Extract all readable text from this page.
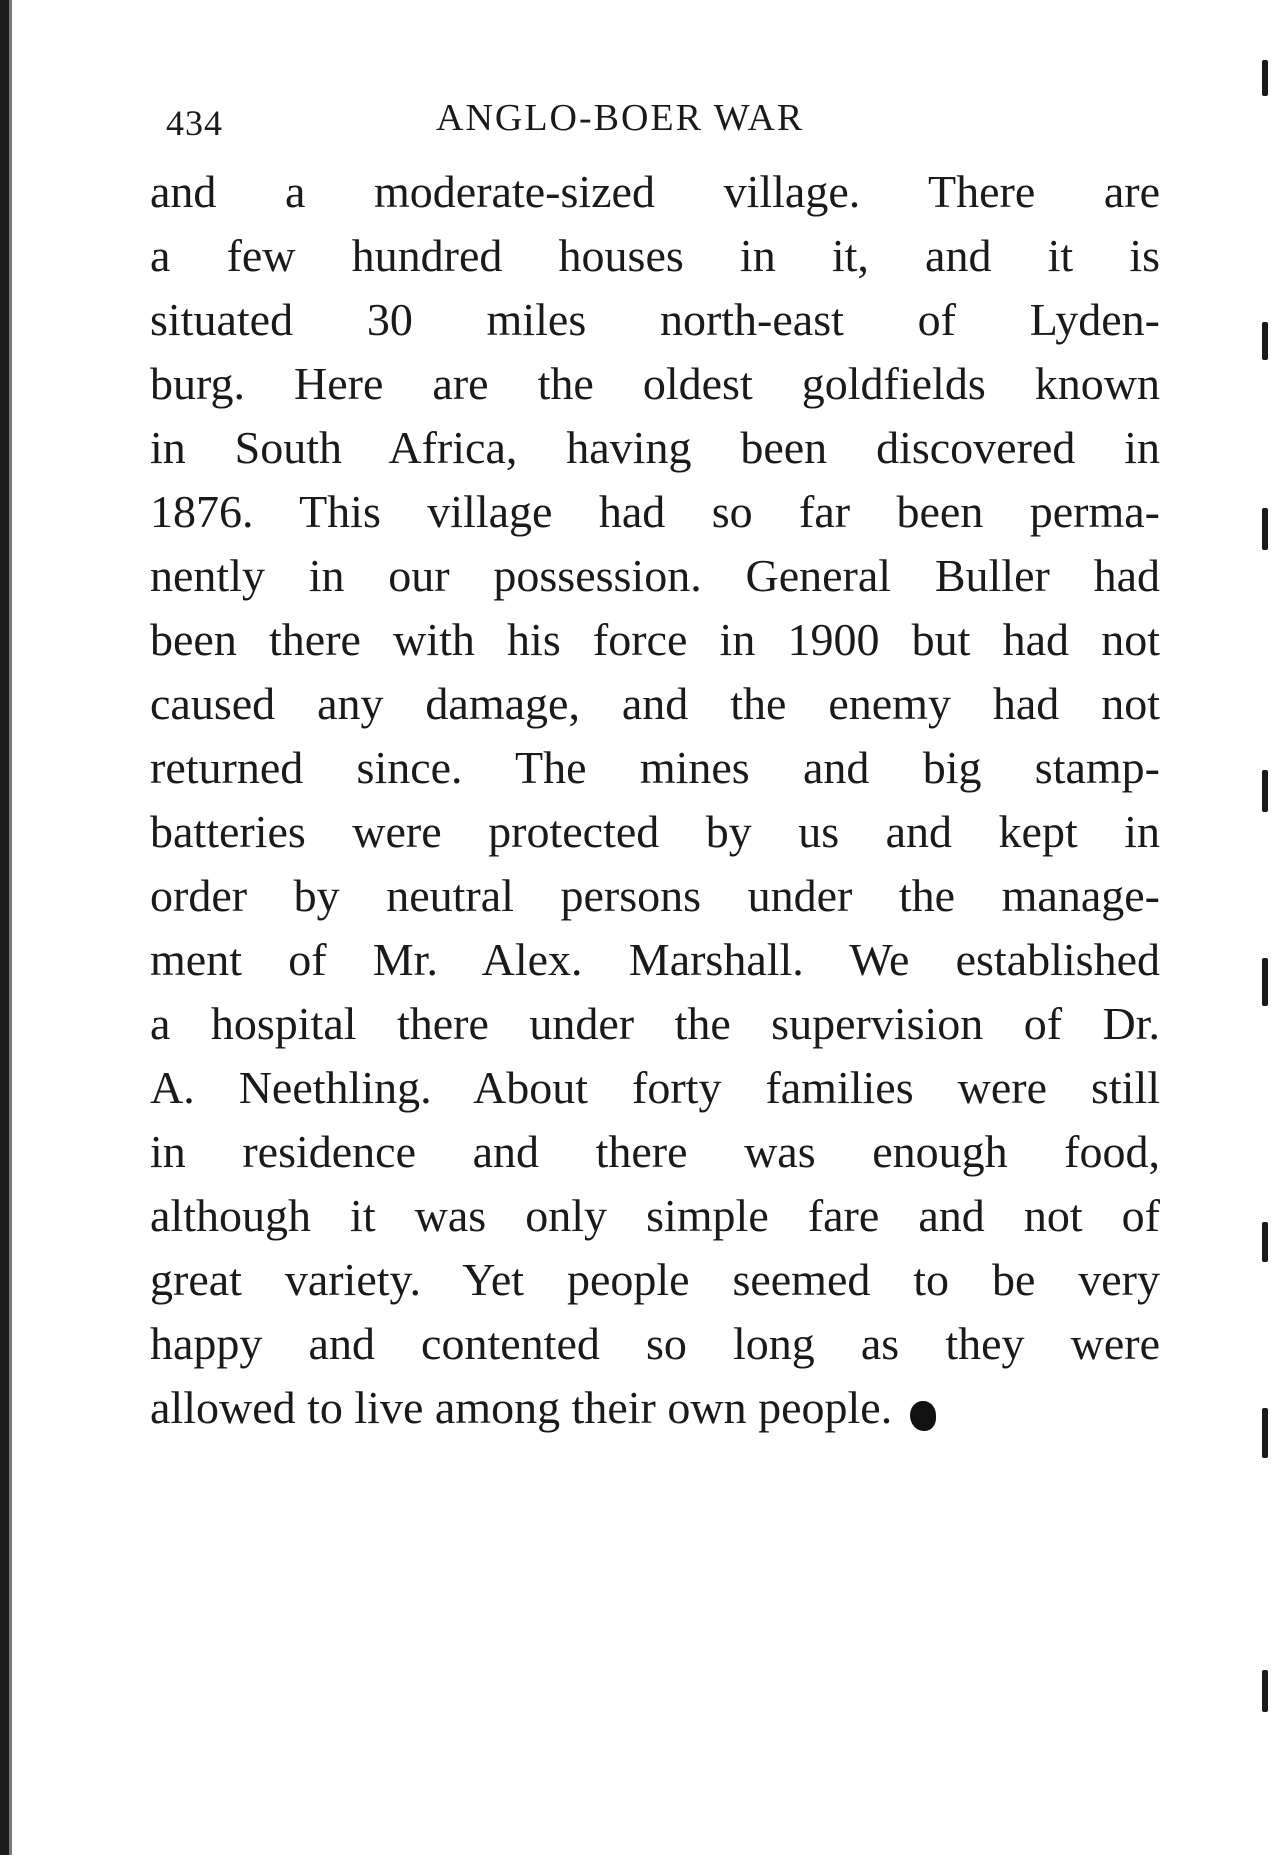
434	ANGLO-BOER WAR
and a moderate-sized village. There are
a few hundred houses in it, and it is
situated 30 miles north-east of Lyden-
burg. Here are the oldest goldfields known
in South Africa, having been discovered in
1876. This village had so far been perma-
nently in our possession. General Buller had
been there with his force in 1900 but had not
caused any damage, and the enemy had not
returned since. The mines and big stamp-
batteries were protected by us and kept in
order by neutral persons under the manage-
ment of Mr. Alex. Marshall. We established
a hospital there under the supervision of Dr.
A. Neethling. About forty families were still
in residence and there was enough food,
although it was only simple fare and not of
great variety. Yet people seemed to be very
happy and contented so long as they were
allowed to live among their own people.
